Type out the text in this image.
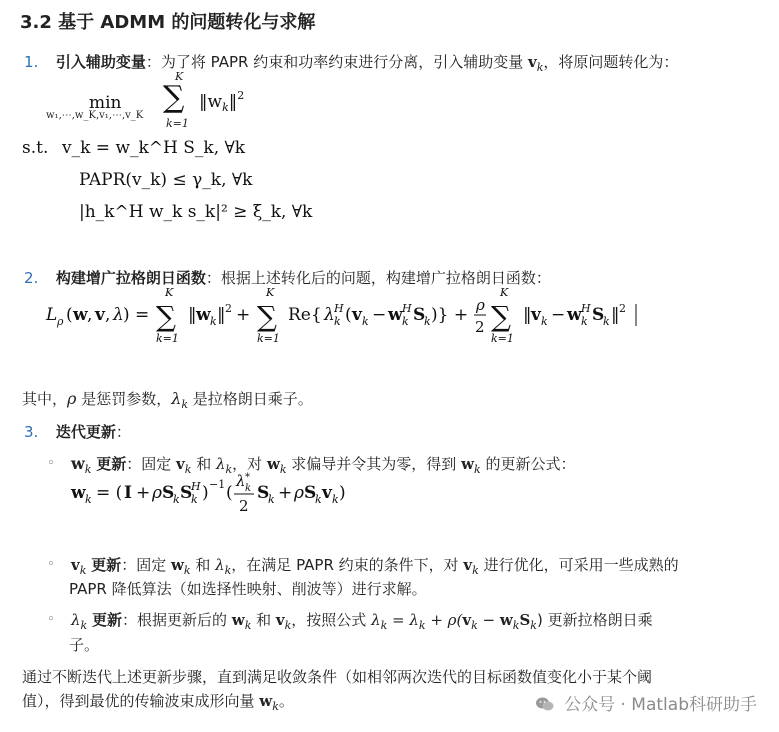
3.2 基于 ADMM 的问题转化与求解
1. 引入辅助变量：为了将 PAPR 约束和功率约束进行分离，引入辅助变量 $v_k$，将原问题转化为：
min
w₁,⋯,w_K,v₁,⋯,v_K
K
∑
k=1
$‖w_k‖^2$
s.t. v_k = w_k^H S_k, ∀k
PAPR(v_k) ≤ γ_k, ∀k
|h_k^H w_k s_k|² ≥ ξ_k, ∀k
2. 构建增广拉格朗日函数：根据上述转化后的问题，构建增广拉格朗日函数：
L ρ ( w , v , λ ) =
K
∑
k=1
‖ w k ‖ 2 +
K
∑
k=1
Re{ λ H
k ( v k − w H
k S
k )} + ρ
2
K
∑
k=1
‖ v k − w H
k S
k ‖ 2
其中，ρ 是惩罚参数，$\lambda_k$ 是拉格朗日乘子。
3. 迭代更新：
◦ $w_k$ 更新：固定 $v_k$ 和 $\lambda_k$，对 $w_k$ 求偏导并令其为零，得到 $w_k$ 的更新公式：
w k = ( I + ρ S
k S
H
k ) −1 (
λ *
k
2
S
k + ρ S
k v k )
◦ $v_k$ 更新：固定 $w_k$ 和 $\lambda_k$，在满足 PAPR 约束的条件下，对 $v_k$ 进行优化，可采用一些成熟的
PAPR 降低算法（如选择性映射、削波等）进行求解。
◦ $\lambda_k$ 更新：根据更新后的 $w_k$ 和 $v_k$，按照公式 $\lambda_k = \lambda_k + \rho(v_k - w_kS_k)$ 更新拉格朗日乘
子。
通过不断迭代上述更新步骤，直到满足收敛条件（如相邻两次迭代的目标函数值变化小于某个阈
值），得到最优的传输波束成形向量 $w_k$。	公众号 · Matlab科研助手
